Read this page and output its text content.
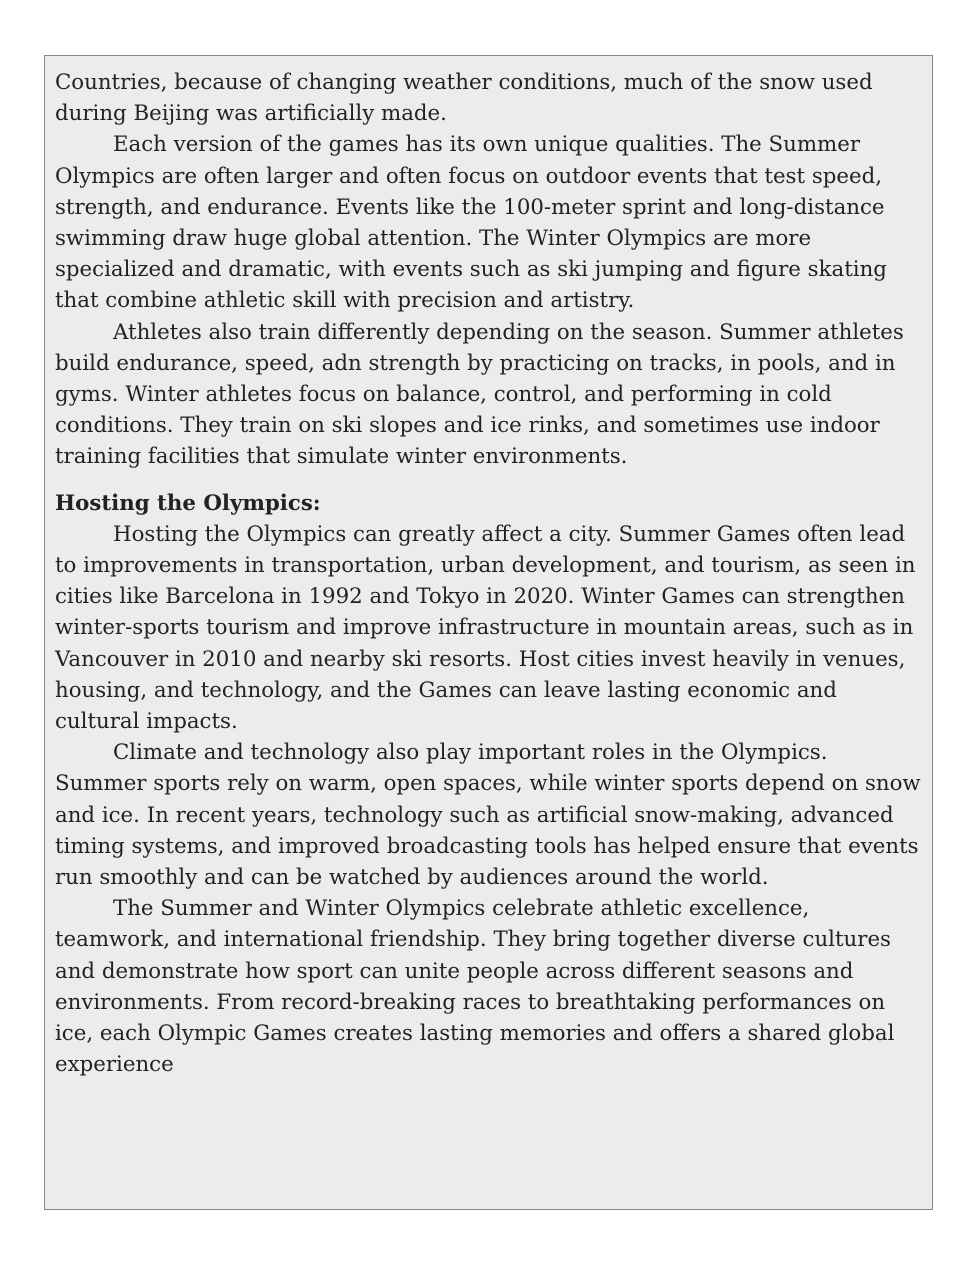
Countries, because of changing weather conditions, much of the snow used during Beijing was artificially made.

Each version of the games has its own unique qualities. The Summer Olympics are often larger and often focus on outdoor events that test speed, strength, and endurance. Events like the 100-meter sprint and long-distance swimming draw huge global attention. The Winter Olympics are more specialized and dramatic, with events such as ski jumping and figure skating that combine athletic skill with precision and artistry.

Athletes also train differently depending on the season. Summer athletes build endurance, speed, adn strength by practicing on tracks, in pools, and in gyms. Winter athletes focus on balance, control, and performing in cold conditions. They train on ski slopes and ice rinks, and sometimes use indoor training facilities that simulate winter environments.

Hosting the Olympics:

Hosting the Olympics can greatly affect a city. Summer Games often lead to improvements in transportation, urban development, and tourism, as seen in cities like Barcelona in 1992 and Tokyo in 2020. Winter Games can strengthen winter-sports tourism and improve infrastructure in mountain areas, such as in Vancouver in 2010 and nearby ski resorts. Host cities invest heavily in venues, housing, and technology, and the Games can leave lasting economic and cultural impacts.

Climate and technology also play important roles in the Olympics. Summer sports rely on warm, open spaces, while winter sports depend on snow and ice. In recent years, technology such as artificial snow-making, advanced timing systems, and improved broadcasting tools has helped ensure that events run smoothly and can be watched by audiences around the world.

The Summer and Winter Olympics celebrate athletic excellence, teamwork, and international friendship. They bring together diverse cultures and demonstrate how sport can unite people across different seasons and environments. From record-breaking races to breathtaking performances on ice, each Olympic Games creates lasting memories and offers a shared global experience
